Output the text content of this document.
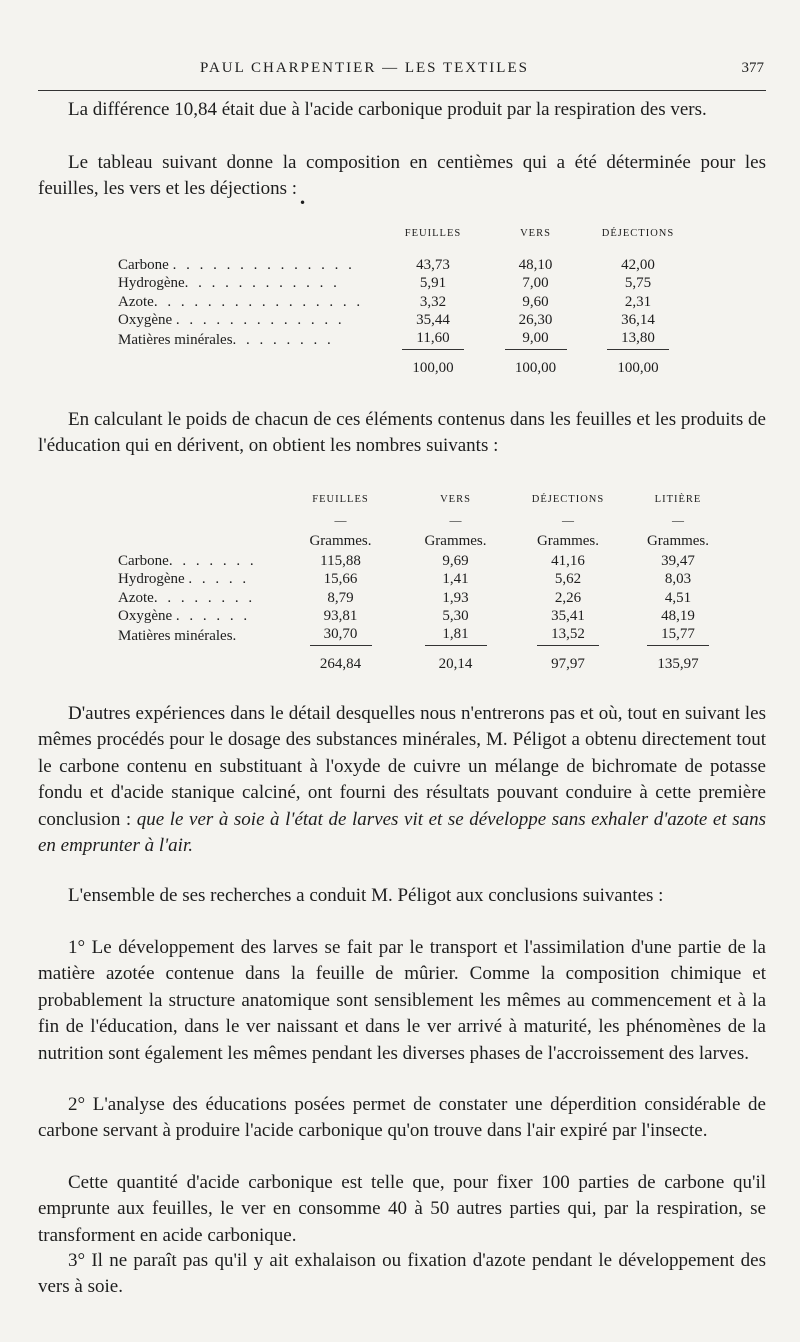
PAUL CHARPENTIER — LES TEXTILES	377

La différence 10,84 était due à l'acide carbonique produit par la respiration des vers.

Le tableau suivant donne la composition en centièmes qui a été déterminée pour les feuilles, les vers et les déjections :

•
	FEUILLES	VERS	DÉJECTIONS

Carbone . . . . . . . . . . . . . .	43,73	48,10	42,00
Hydrogène. . . . . . . . . . . .	5,91	7,00	5,75
Azote. . . . . . . . . . . . . . . .	3,32	9,60	2,31
Oxygène . . . . . . . . . . . . .	35,44	26,30	36,14
Matières minérales. . . . . . . .	11,60	9,00	13,80
	100,00	100,00	100,00

En calculant le poids de chacun de ces éléments contenus dans les feuilles et les produits de l'éducation qui en dérivent, on obtient les nombres suivants :

	FEUILLES	VERS	DÉJECTIONS	LITIÈRE
	—	—	—	—
	Grammes.	Grammes.	Grammes.	Grammes.
Carbone. . . . . . .	115,88	9,69	41,16	39,47
Hydrogène . . . . .	15,66	1,41	5,62	8,03
Azote. . . . . . . .	8,79	1,93	2,26	4,51
Oxygène . . . . . .	93,81	5,30	35,41	48,19
Matières minérales.	30,70	1,81	13,52	15,77
	264,84	20,14	97,97	135,97

D'autres expériences dans le détail desquelles nous n'entrerons pas et où, tout en suivant les mêmes procédés pour le dosage des substances minérales, M. Péligot a obtenu directement tout le carbone contenu en substituant à l'oxyde de cuivre un mélange de bichromate de potasse fondu et d'acide stanique calciné, ont fourni des résultats pouvant conduire à cette première conclusion : que le ver à soie à l'état de larves vit et se développe sans exhaler d'azote et sans en emprunter à l'air.

L'ensemble de ses recherches a conduit M. Péligot aux conclusions suivantes :

1° Le développement des larves se fait par le transport et l'assimilation d'une partie de la matière azotée contenue dans la feuille de mûrier. Comme la composition chimique et probablement la structure anatomique sont sensiblement les mêmes au commencement et à la fin de l'éducation, dans le ver naissant et dans le ver arrivé à maturité, les phénomènes de la nutrition sont également les mêmes pendant les diverses phases de l'accroissement des larves.

2° L'analyse des éducations posées permet de constater une déperdition considérable de carbone servant à produire l'acide carbonique qu'on trouve dans l'air expiré par l'insecte.

Cette quantité d'acide carbonique est telle que, pour fixer 100 parties de carbone qu'il emprunte aux feuilles, le ver en consomme 40 à 50 autres parties qui, par la respiration, se transforment en acide carbonique.

3° Il ne paraît pas qu'il y ait exhalaison ou fixation d'azote pendant le développement des vers à soie.
